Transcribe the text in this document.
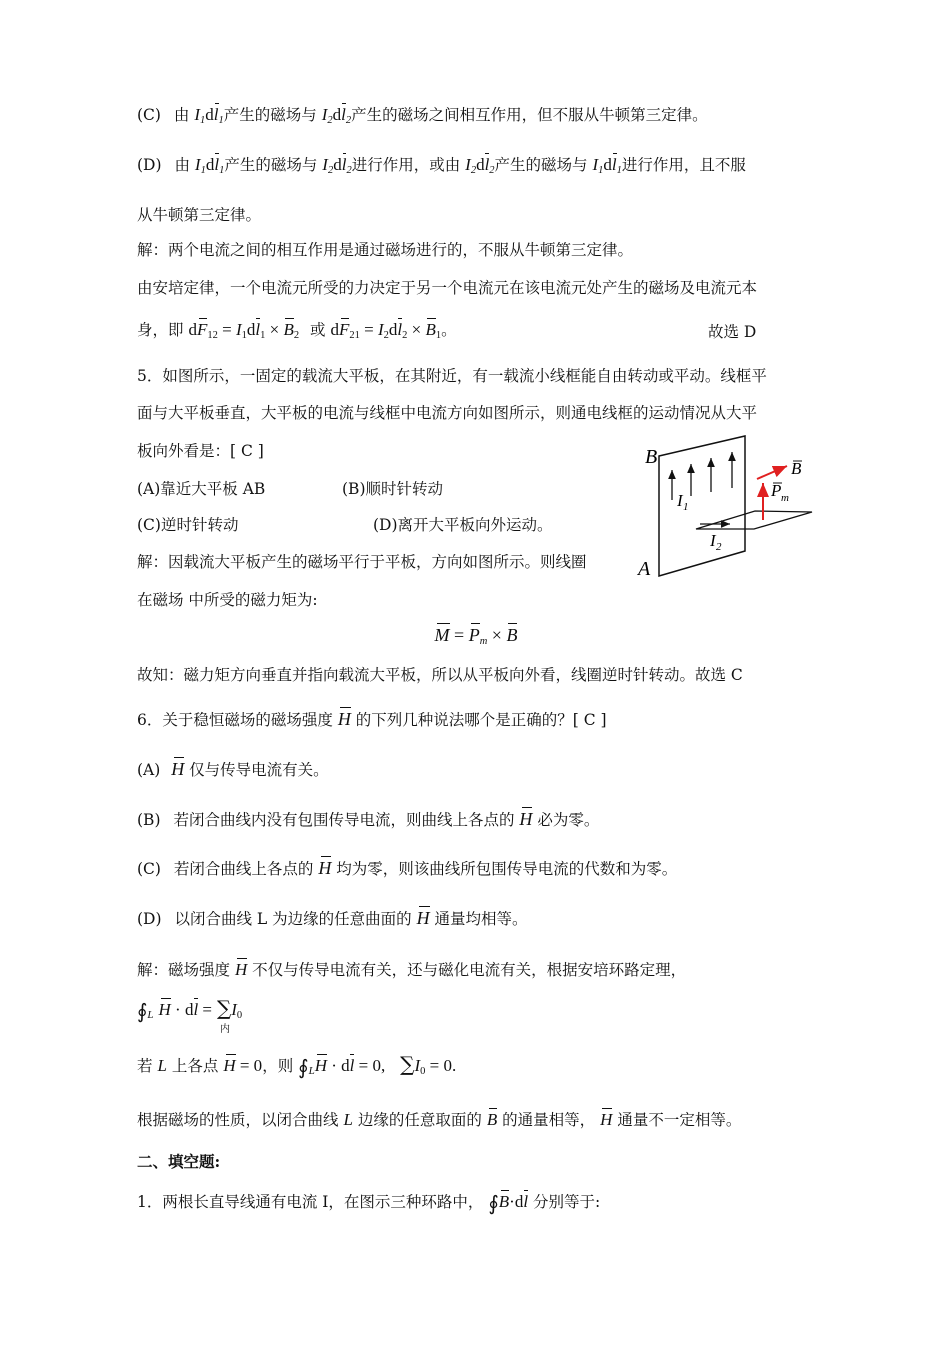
(C) 由 $I_1dl_1$产生的磁场与 $I_2dl_2$产生的磁场之间相互作用，但不服从牛顿第三定律。
(D) 由 $I_1dl_1$产生的磁场与 $I_2dl_2$进行作用，或由 $I_2dl_2$产生的磁场与 $I_1dl_1$进行作用，且不服
从牛顿第三定律。
解：两个电流之间的相互作用是通过磁场进行的，不服从牛顿第三定律。
由安培定律，一个电流元所受的力决定于另一个电流元在该电流元处产生的磁场及电流元本
身，即 $dF_{12} = I_1dl_1 \times B_2$ 或 $dF_{21} = I_2dl_2 \times B_1$。	故选 D
5．如图所示，一固定的载流大平板，在其附近，有一载流小线框能自由转动或平动。线框平
面与大平板垂直，大平板的电流与线框中电流方向如图所示，则通电线框的运动情况从大平
板向外看是：[ C ]
(A)靠近大平板 AB	(B)顺时针转动
(C)逆时针转动	(D)离开大平板向外运动。
解：因载流大平板产生的磁场平行于平板，方向如图所示。则线圈
在磁场 中所受的磁力矩为:
B
A
I 1
I 2
B
P m
$M = P_m \times B$
故知：磁力矩方向垂直并指向载流大平板，所以从平板向外看，线圈逆时针转动。故选 C
6．关于稳恒磁场的磁场强度 H 的下列几种说法哪个是正确的？[ C ]
(A) H 仅与传导电流有关。
(B) 若闭合曲线内没有包围传导电流，则曲线上各点的 H 必为零。
(C) 若闭合曲线上各点的 H 均为零，则该曲线所包围传导电流的代数和为零。
(D) 以闭合曲线 L 为边缘的任意曲面的 H 通量均相等。
解：磁场强度 H 不仅与传导电流有关，还与磁化电流有关，根据安培环路定理，
$∮_L$ H · dl = ∑
内
$I_0$
若 L 上各点 H = 0，则 $∮_LH$ · dl = 0, $\sum I_0 = 0$.
根据磁场的性质，以闭合曲线 L 边缘的任意取面的 B 的通量相等， H 通量不一定相等。
二、填空题:
1．两根长直导线通有电流 I，在图示三种环路中， ∮B·dl 分别等于:
